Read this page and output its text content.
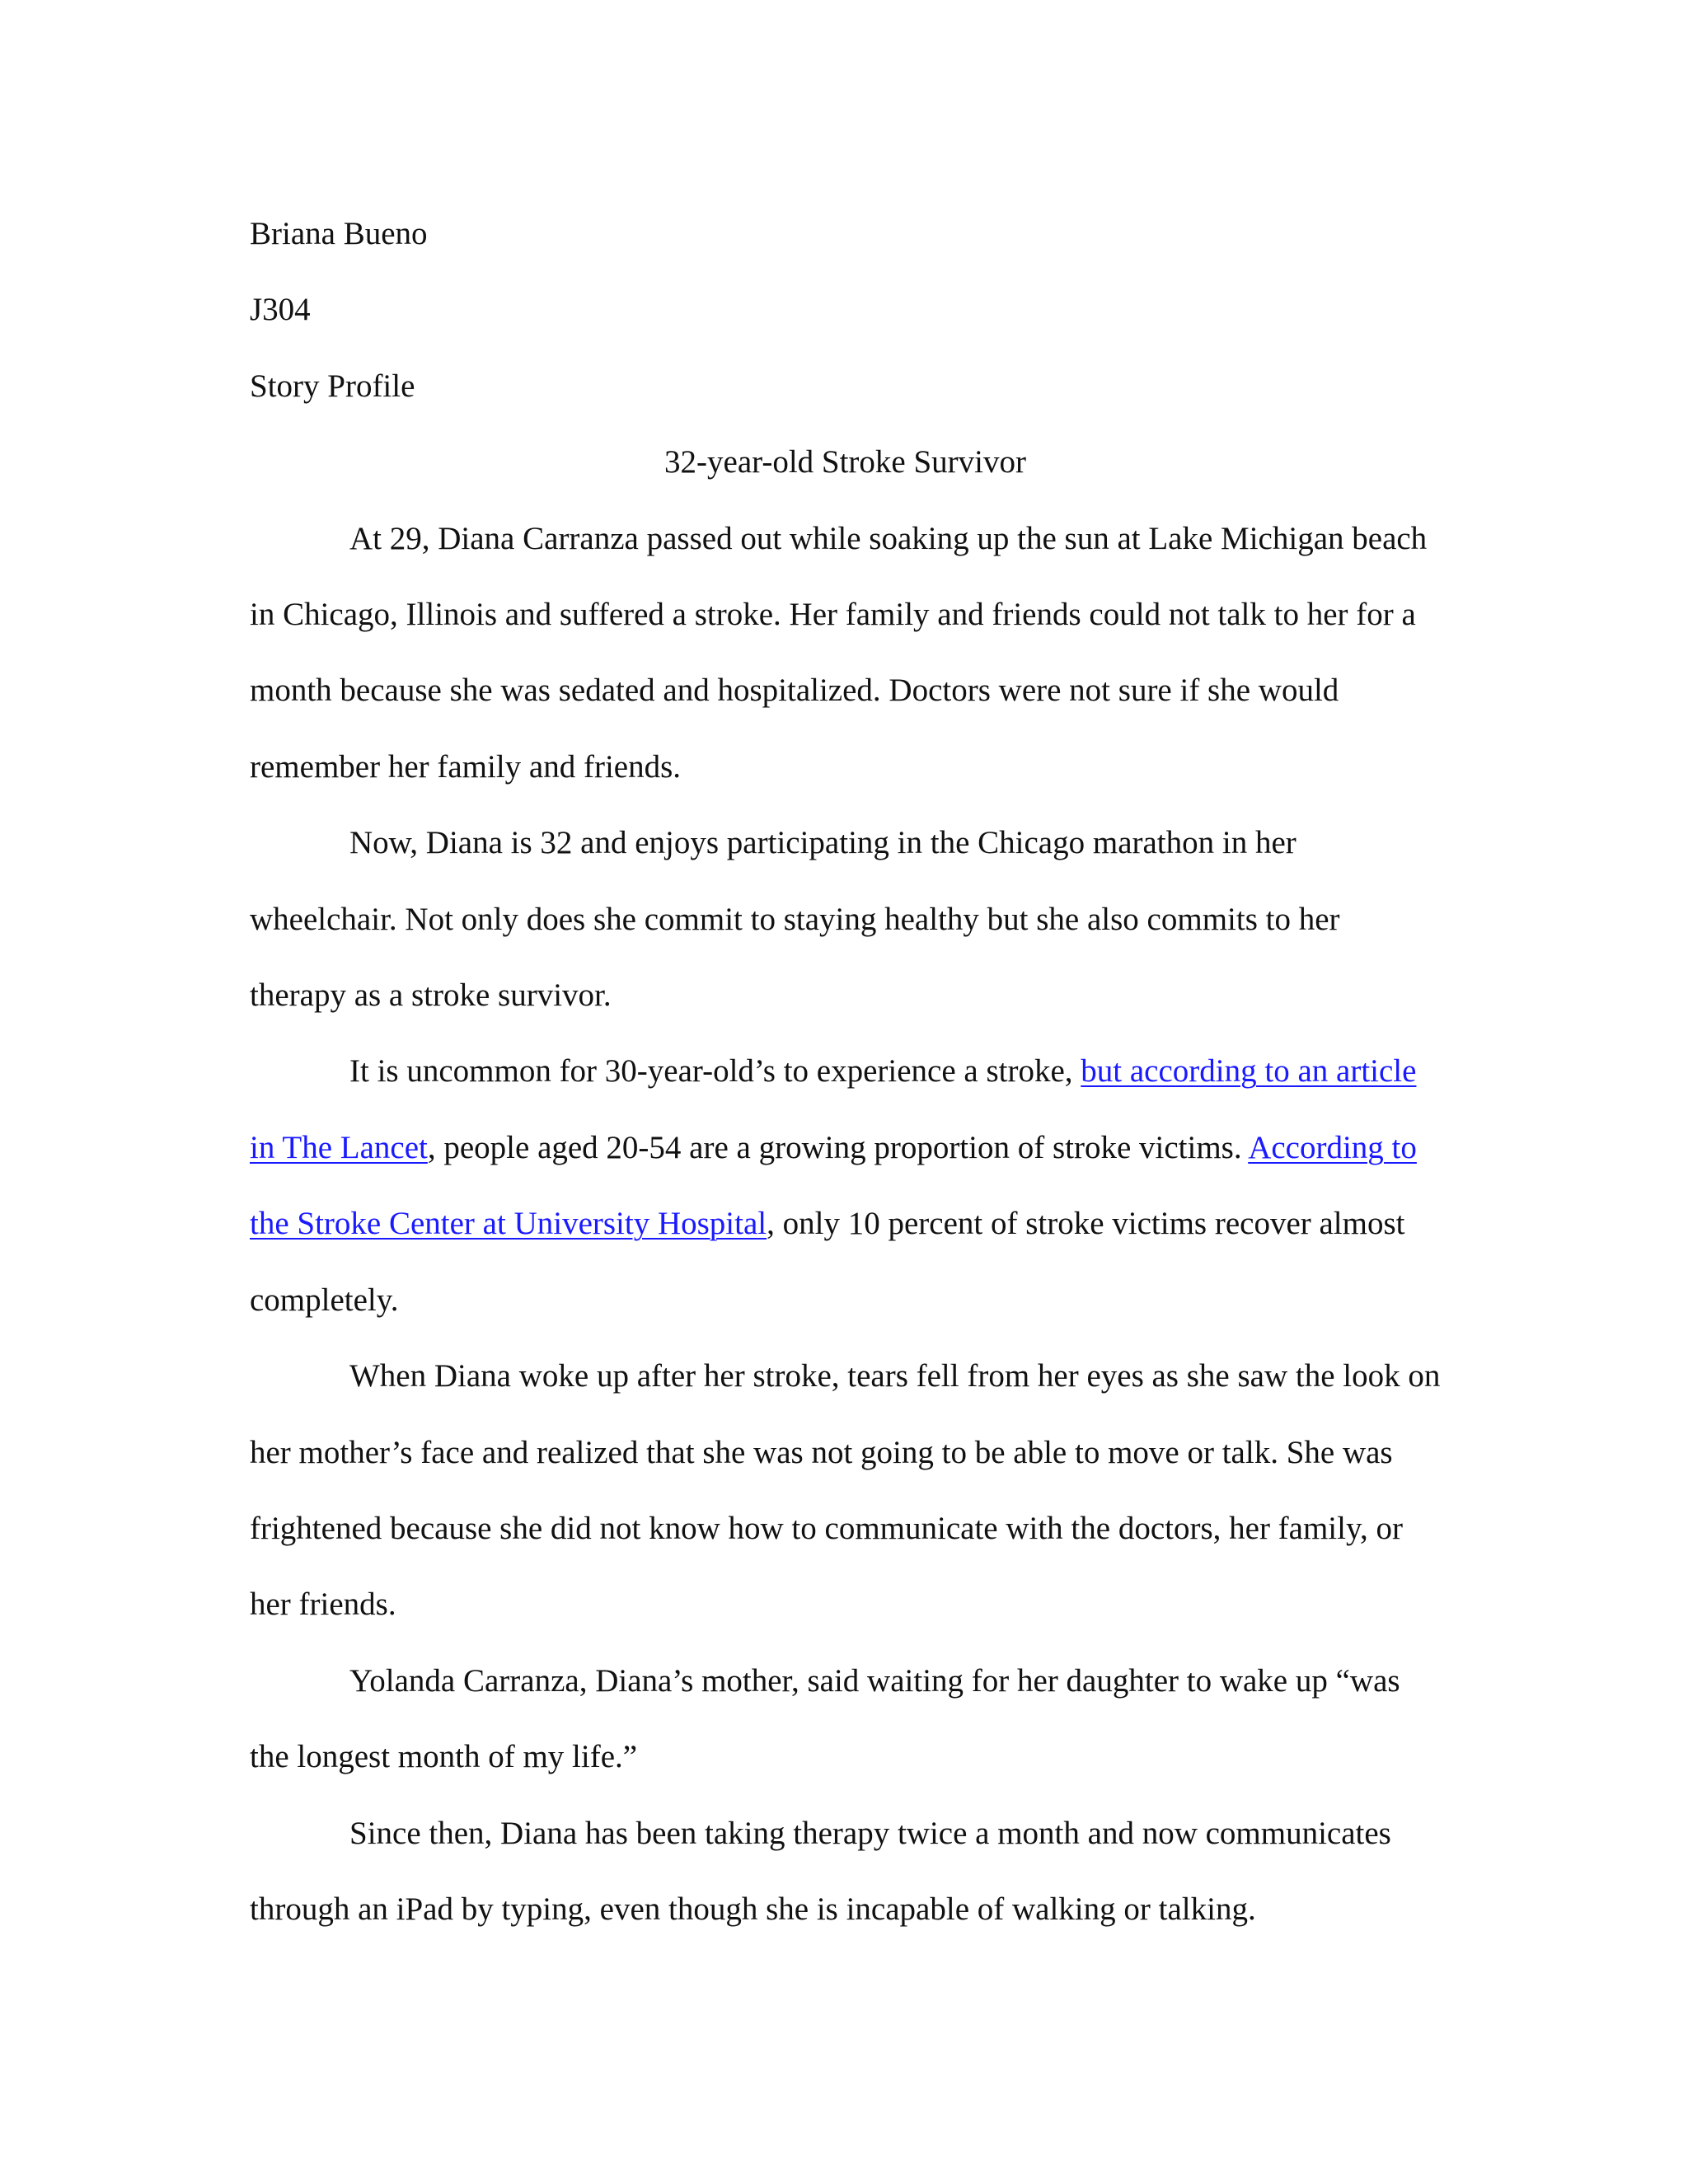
Briana Bueno

J304

Story Profile

32-year-old Stroke Survivor

At 29, Diana Carranza passed out while soaking up the sun at Lake Michigan beach in Chicago, Illinois and suffered a stroke. Her family and friends could not talk to her for a month because she was sedated and hospitalized. Doctors were not sure if she would remember her family and friends.

Now, Diana is 32 and enjoys participating in the Chicago marathon in her wheelchair. Not only does she commit to staying healthy but she also commits to her therapy as a stroke survivor.

It is uncommon for 30-year-old’s to experience a stroke, but according to an article in The Lancet, people aged 20-54 are a growing proportion of stroke victims. According to the Stroke Center at University Hospital, only 10 percent of stroke victims recover almost completely.

When Diana woke up after her stroke, tears fell from her eyes as she saw the look on her mother’s face and realized that she was not going to be able to move or talk. She was frightened because she did not know how to communicate with the doctors, her family, or her friends.

Yolanda Carranza, Diana’s mother, said waiting for her daughter to wake up “was the longest month of my life.”

Since then, Diana has been taking therapy twice a month and now communicates through an iPad by typing, even though she is incapable of walking or talking.
